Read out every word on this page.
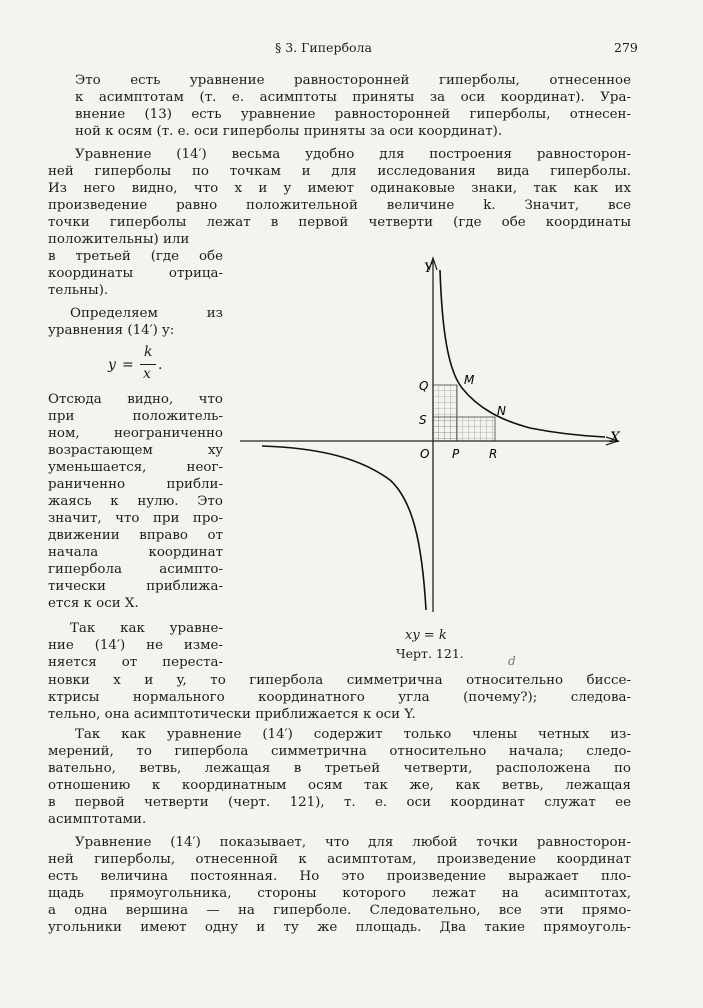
§ 3. Гипербола	279
Это есть уравнение равносторонней гиперболы, отнесенное
к асимптотам (т. е. асимптоты приняты за оси координат). Ура-
внение (13) есть уравнение равносторонней гиперболы, отнесен-
ной к осям (т. е. оси гиперболы приняты за оси координат).
Уравнение (14′) весьма удобно для построения равносторон-
ней гиперболы по точкам и для исследования вида гиперболы.
Из него видно, что x и y имеют одинаковые знаки, так как их
произведение равно положительной величине k. Значит, все
точки гиперболы лежат в первой четверти (где обе координаты
положительны) или
в третьей (где обе
координаты отрица-
тельны).
Определяем из
уравнения (14′) y:
y =
k
x
.
Отсюда видно, что
при положитель-
ном, неограниченно
возрастающем xy
уменьшается, неог-
раниченно прибли-
жаясь к нулю. Это
значит, что при про-
движении вправо от
начала координат
гипербола асимпто-
тически приближа-
ется к оси X.
Так как уравне-
ние (14′) не изме-
няется от переста-
новки x и y, то гипербола симметрична относительно биссе-
ктрисы нормального координатного угла (почему?); следова-
тельно, она асимптотически приближается к оси Y.
Так как уравнение (14′) содержит только члены четных из-
мерений, то гипербола симметрична относительно начала; следо-
вательно, ветвь, лежащая в третьей четверти, расположена по
отношению к координатным осям так же, как ветвь, лежащая
в первой четверти (черт. 121), т. е. оси координат служат ее
асимптотами.
Уравнение (14′) показывает, что для любой точки равносторон-
ней гиперболы, отнесенной к асимптотам, произведение координат
есть величина постоянная. Но это произведение выражает пло-
щадь прямоугольника, стороны которого лежат на асимптотах,
а одна вершина — на гиперболе. Следовательно, все эти прямо-
угольники имеют одну и ту же площадь. Два такие прямоуголь-
Y
X
Q	M
S
N
O P R
xy = k
Черт. 121.	d
